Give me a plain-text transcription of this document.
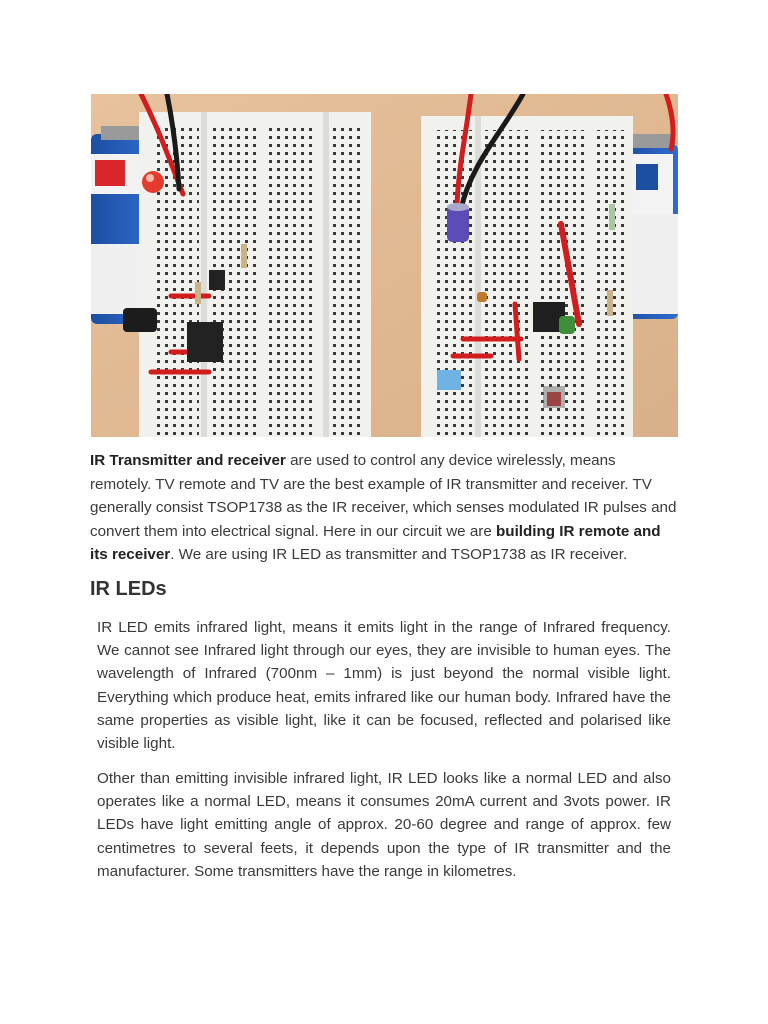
IR Transmitter and receiver are used to control any device wirelessly, means remotely. TV remote and TV are the best example of IR transmitter and receiver. TV generally consist TSOP1738 as the IR receiver, which senses modulated IR pulses and convert them into electrical signal. Here in our circuit we are building IR remote and its receiver. We are using IR LED as transmitter and TSOP1738 as IR receiver.

IR LEDs

IR LED emits infrared light, means it emits light in the range of Infrared frequency. We cannot see Infrared light through our eyes, they are invisible to human eyes. The wavelength of Infrared (700nm – 1mm) is just beyond the normal visible light. Everything which produce heat, emits infrared like our human body. Infrared have the same properties as visible light, like it can be focused, reflected and polarised like visible light.

Other than emitting invisible infrared light, IR LED looks like a normal LED and also operates like a normal LED, means it consumes 20mA current and 3vots power. IR LEDs have light emitting angle of approx. 20-60 degree and range of approx. few centimetres to several feets, it depends upon the type of IR transmitter and the manufacturer. Some transmitters have the range in kilometres.
